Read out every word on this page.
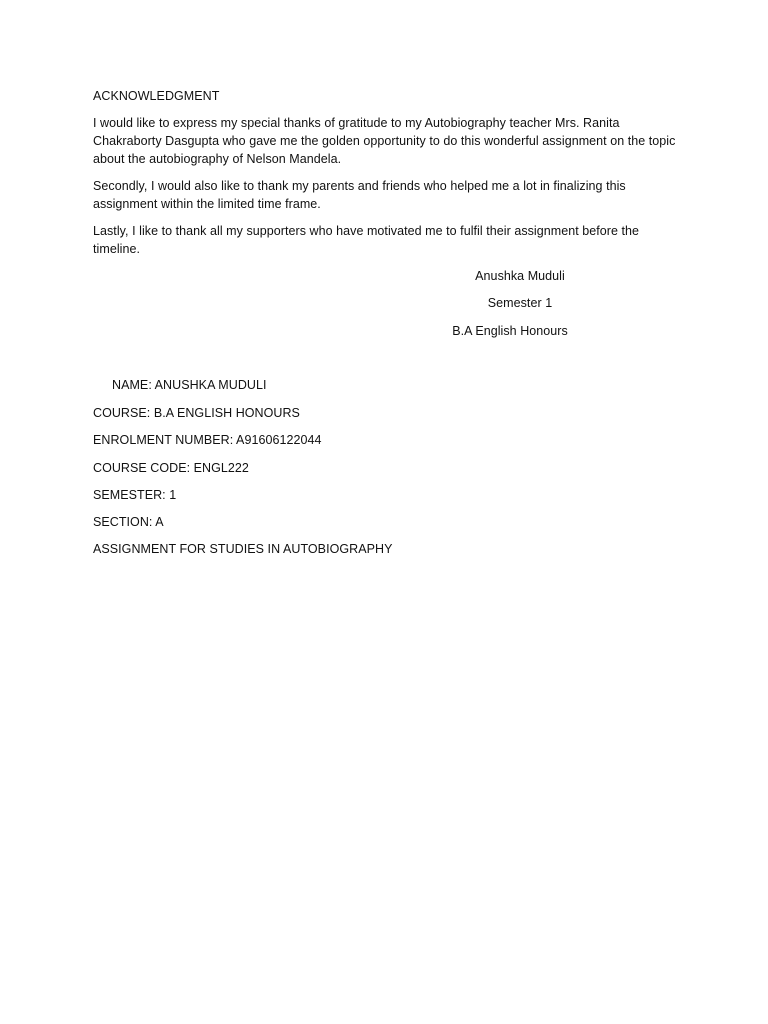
ACKNOWLEDGMENT
I would like to express my special thanks of gratitude to my Autobiography teacher Mrs. Ranita Chakraborty Dasgupta who gave me the golden opportunity to do this wonderful assignment on the topic about the autobiography of Nelson Mandela.
Secondly, I would also like to thank my parents and friends who helped me a lot in finalizing this assignment within the limited time frame.
Lastly, I like to thank all my supporters who have motivated me to fulfil their assignment before the timeline.
Anushka Muduli
Semester 1
B.A English Honours
NAME: ANUSHKA MUDULI
COURSE: B.A ENGLISH HONOURS
ENROLMENT NUMBER: A91606122044
COURSE CODE: ENGL222
SEMESTER: 1
SECTION: A
ASSIGNMENT FOR STUDIES IN AUTOBIOGRAPHY
